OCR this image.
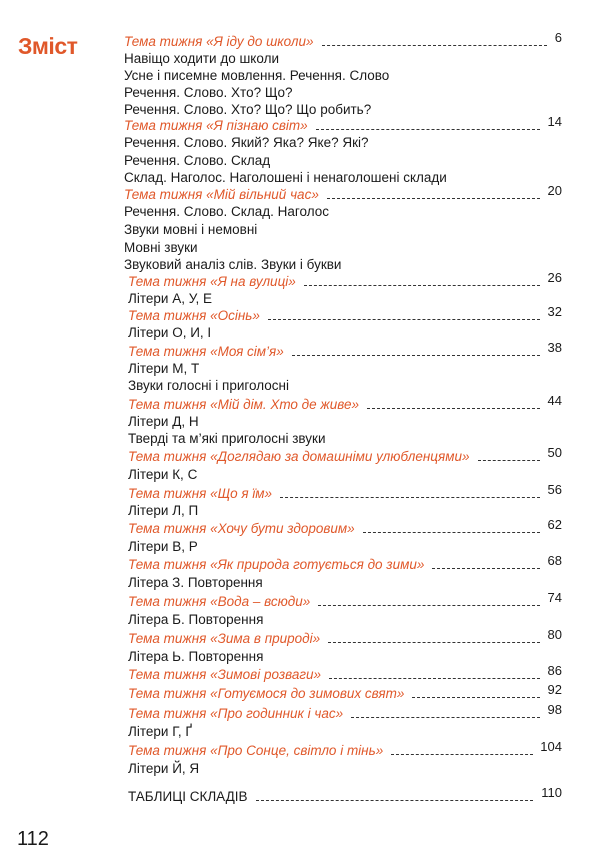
Зміст	Тема тижня «Я іду до школи»	6
Навіщо ходити до школи
Усне і писемне мовлення. Речення. Слово
Речення. Слово. Хто? Що?
Речення. Слово. Хто? Що? Що робить?
Тема тижня «Я пізнаю світ»	14
Речення. Слово. Який? Яка? Яке? Які?
Речення. Слово. Склад
Склад. Наголос. Наголошені і ненаголошені склади
Тема тижня «Мій вільний час»	20
Речення. Слово. Склад. Наголос
Звуки мовні і немовні
Мовні звуки
Звуковий аналіз слів. Звуки і букви
Тема тижня «Я на вулиці»	26
Літери А, У, Е
Тема тижня «Осінь»	32
Літери О, И, І
Тема тижня «Моя сім’я»	38
Літери М, Т
Звуки голосні і приголосні
Тема тижня «Мій дім. Хто де живе»	44
Літери Д, Н
Тверді та м’які приголосні звуки
Тема тижня «Доглядаю за домашніми улюбленцями»	50
Літери К, С
Тема тижня «Що я їм»	56
Літери Л, П
Тема тижня «Хочу бути здоровим»	62
Літери В, Р
Тема тижня «Як природа готується до зими»	68
Літера З. Повторення
Тема тижня «Вода – всюди»	74
Літера Б. Повторення
Тема тижня «Зима в природі»	80
Літера Ь. Повторення
Тема тижня «Зимові розваги»	86
Тема тижня «Готуємося до зимових свят»	92
Тема тижня «Про годинник і час»	98
Літери Г, Ґ
Тема тижня «Про Сонце, світло і тінь»	104
Літери Й, Я
ТАБЛИЦІ СКЛАДІВ	110
112
